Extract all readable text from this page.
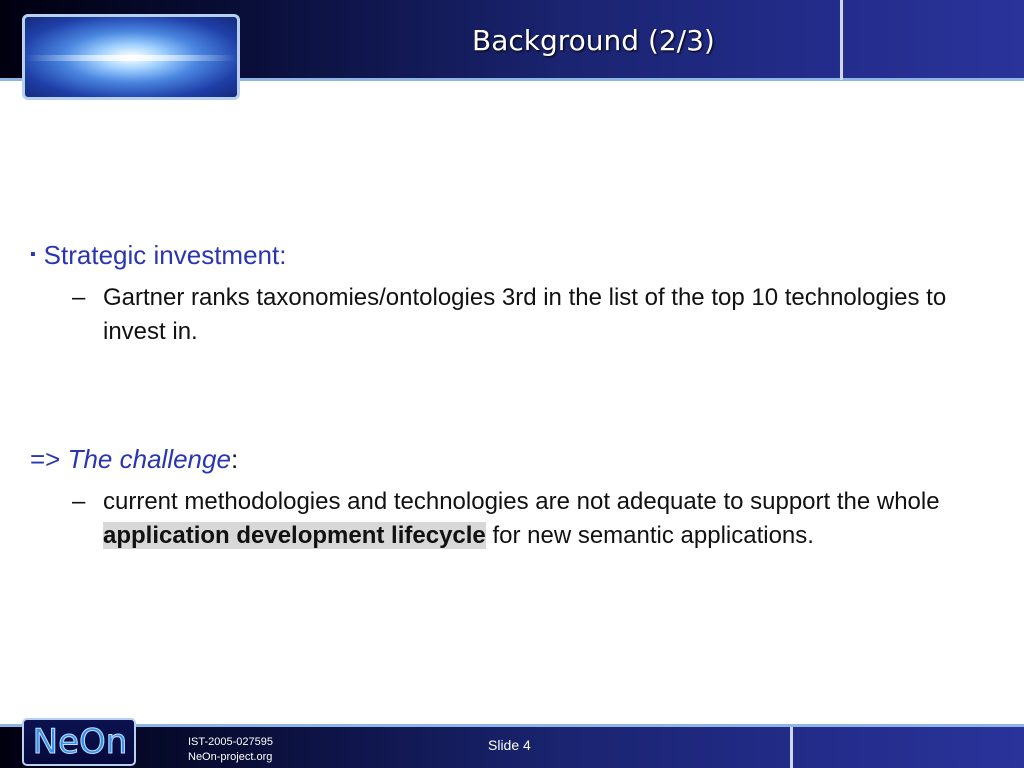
Background (2/3)
▪ Strategic investment:
– Gartner ranks taxonomies/ontologies 3rd in the list of the top 10 technologies to invest in.
=> The challenge:
– current methodologies and technologies are not adequate to support the whole application development lifecycle for new semantic applications.
NeOn	IST-2005-027595
NeOn-project.org
Slide 4
